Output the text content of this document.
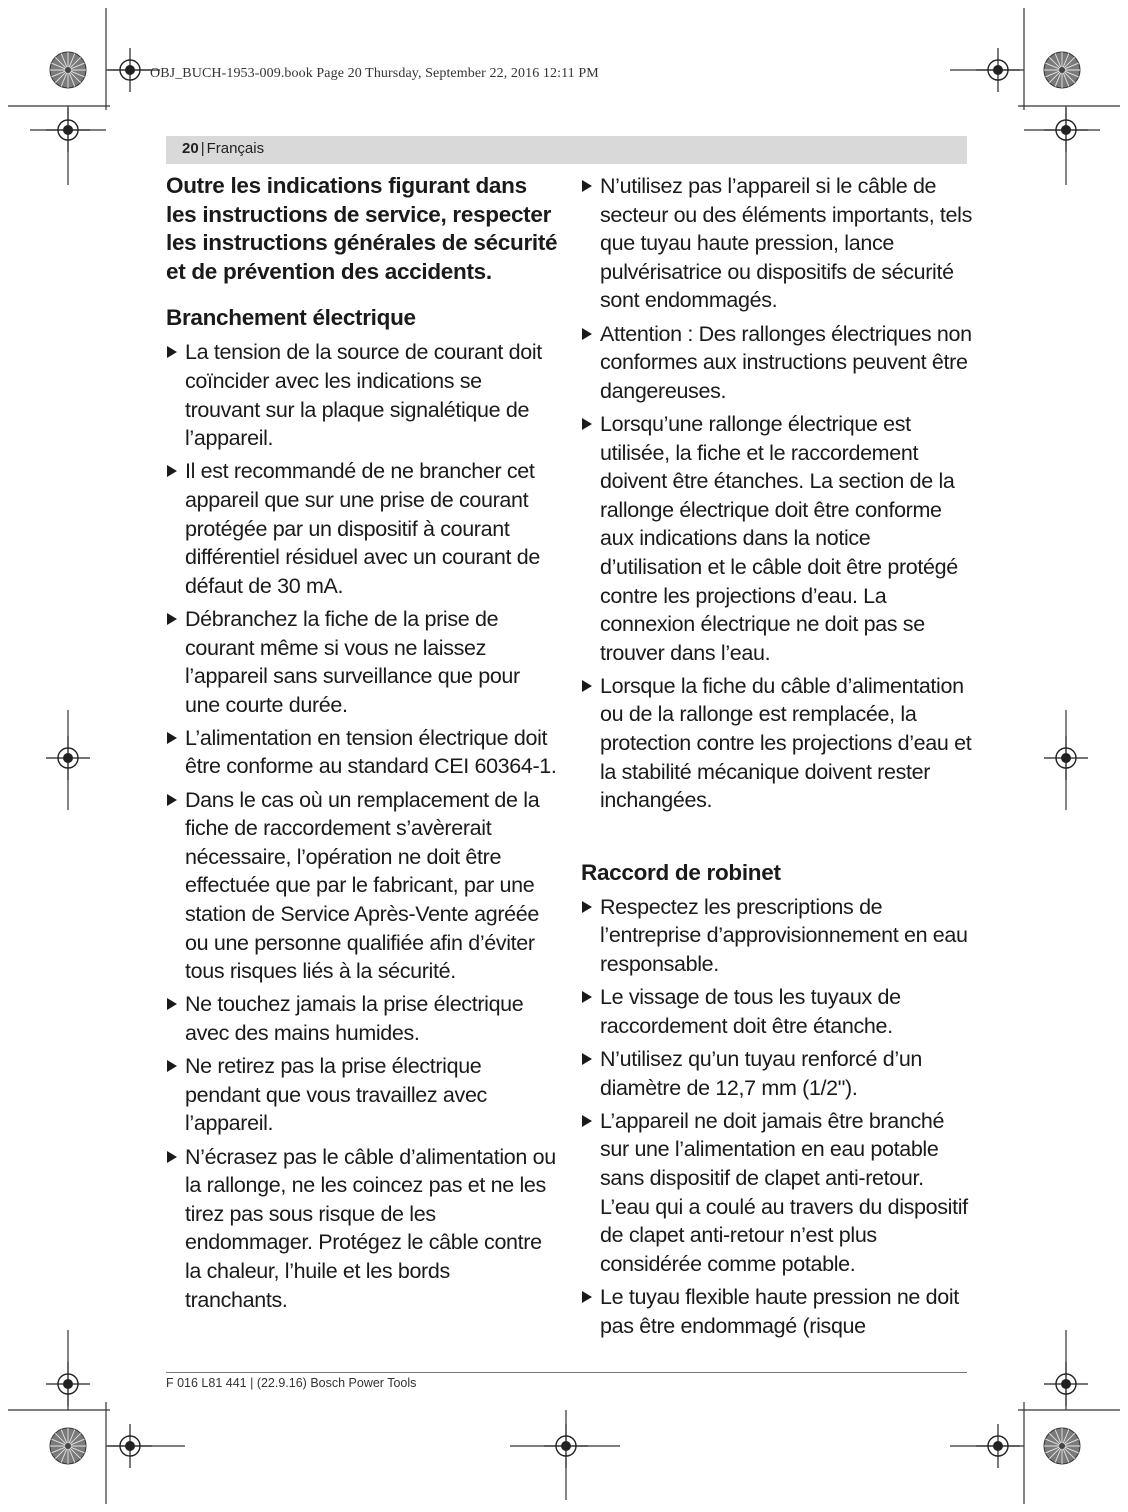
OBJ_BUCH-1953-009.book Page 20 Thursday, September 22, 2016 12:11 PM
20 | Français

Outre les indications figurant dans les instructions de service, respecter les instructions générales de sécurité et de prévention des accidents.

Branchement électrique
La tension de la source de courant doit coïncider avec les indications se trouvant sur la plaque signalétique de l’appareil.
Il est recommandé de ne brancher cet appareil que sur une prise de courant protégée par un dispositif à courant différentiel résiduel avec un courant de défaut de 30 mA.
Débranchez la fiche de la prise de courant même si vous ne laissez l’appareil sans surveillance que pour une courte durée.
L’alimentation en tension électrique doit être conforme au standard CEI 60364-1.
Dans le cas où un remplacement de la fiche de raccordement s’avèrerait nécessaire, l’opération ne doit être effectuée que par le fabricant, par une station de Service Après-Vente agréée ou une personne qualifiée afin d’éviter tous risques liés à la sécurité.
Ne touchez jamais la prise électrique avec des mains humides.
Ne retirez pas la prise électrique pendant que vous travaillez avec l’appareil.
N’écrasez pas le câble d’alimentation ou la rallonge, ne les coincez pas et ne les tirez pas sous risque de les endommager. Protégez le câble contre la chaleur, l’huile et les bords tranchants.
N’utilisez pas l’appareil si le câble de secteur ou des éléments importants, tels que tuyau haute pression, lance pulvérisatrice ou dispositifs de sécurité sont endommagés.
Attention : Des rallonges électriques non conformes aux instructions peuvent être dangereuses.
Lorsqu’une rallonge électrique est utilisée, la fiche et le raccordement doivent être étanches. La section de la rallonge électrique doit être conforme aux indications dans la notice d’utilisation et le câble doit être protégé contre les projections d’eau. La connexion électrique ne doit pas se trouver dans l’eau.
Lorsque la fiche du câble d’alimentation ou de la rallonge est remplacée, la protection contre les projections d’eau et la stabilité mécanique doivent rester inchangées.
Raccord de robinet
Respectez les prescriptions de l’entreprise d’approvisionnement en eau responsable.
Le vissage de tous les tuyaux de raccordement doit être étanche.
N’utilisez qu’un tuyau renforcé d’un diamètre de 12,7 mm (1/2").
L’appareil ne doit jamais être branché sur une l’alimentation en eau potable sans dispositif de clapet anti-retour. L’eau qui a coulé au travers du dispositif de clapet anti-retour n’est plus considérée comme potable.
Le tuyau flexible haute pression ne doit pas être endommagé (risque
F 016 L81 441 | (22.9.16) Bosch Power Tools
